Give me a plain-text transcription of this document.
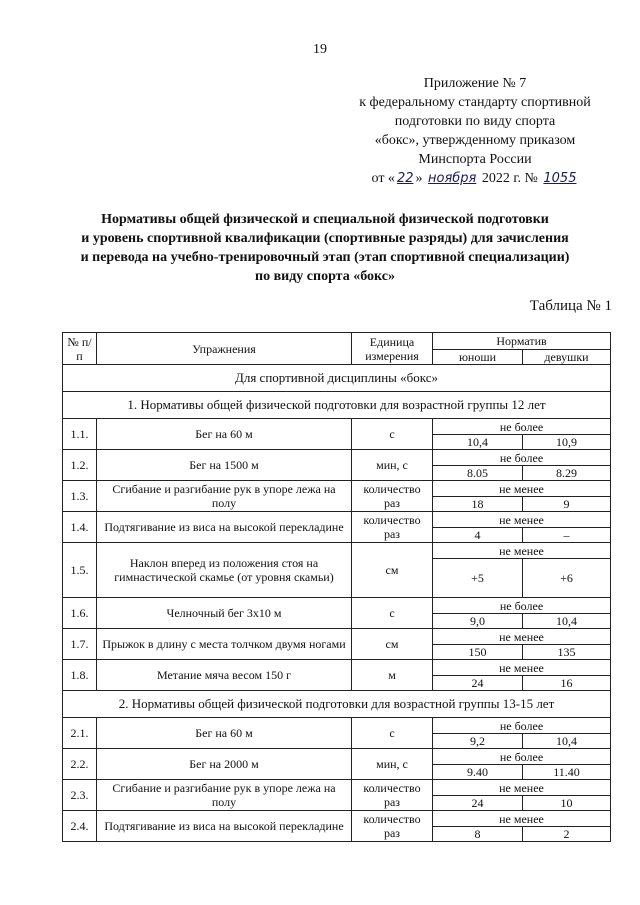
19
Приложение № 7
к федеральному стандарту спортивной
подготовки по виду спорта
«бокс», утвержденному приказом
Минспорта России
от « 22 » ноября 2022 г. № 1055
Нормативы общей физической и специальной физической подготовки
и уровень спортивной квалификации (спортивные разряды) для зачисления
и перевода на учебно-тренировочный этап (этап спортивной специализации)
по виду спорта «бокс»
Таблица № 1
№ п/п	Упражнения	Единица измерения	Норматив	
			юноши	девушки
Для спортивной дисциплины «бокс»				
1. Нормативы общей физической подготовки для возрастной группы 12 лет				
1.1.	Бег на 60 м	с	не более	
			10,4	10,9
1.2.	Бег на 1500 м	мин, с	не более	
			8.05	8.29
1.3.	Сгибание и разгибание рук в упоре лежа на полу	количество раз	не менее	
			18	9
1.4.	Подтягивание из виса на высокой перекладине	количество раз	не менее	
			4	–
1.5.	Наклон вперед из положения стоя на гимнастической скамье (от уровня скамьи)	см	не менее	
			+5	+6
1.6.	Челночный бег 3х10 м	с	не более	
			9,0	10,4
1.7.	Прыжок в длину с места толчком двумя ногами	см	не менее	
			150	135
1.8.	Метание мяча весом 150 г	м	не менее	
			24	16
2. Нормативы общей физической подготовки для возрастной группы 13-15 лет				
2.1.	Бег на 60 м	с	не более	
			9,2	10,4
2.2.	Бег на 2000 м	мин, с	не более	
			9.40	11.40
2.3.	Сгибание и разгибание рук в упоре лежа на полу	количество раз	не менее	
			24	10
2.4.	Подтягивание из виса на высокой перекладине	количество раз	не менее	
			8	2
